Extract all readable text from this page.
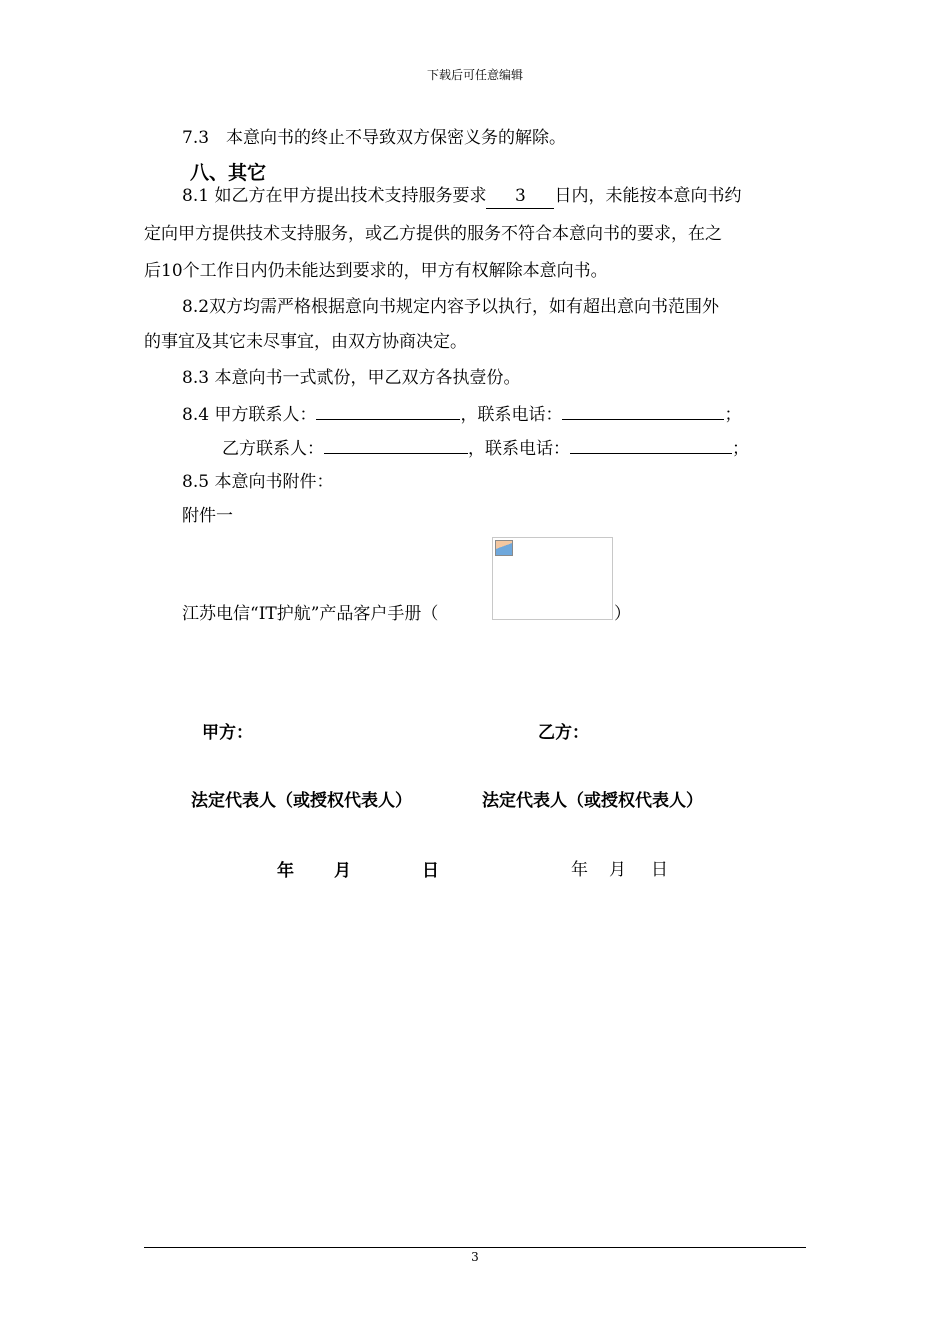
下载后可任意编辑
7.3　本意向书的终止不导致双方保密义务的解除。
八、其它
8.1 如乙方在甲方提出技术支持服务要求 3 日内，未能按本意向书约
定向甲方提供技术支持服务，或乙方提供的服务不符合本意向书的要求，在之
后10个工作日内仍未能达到要求的，甲方有权解除本意向书。
8.2双方均需严格根据意向书规定内容予以执行，如有超出意向书范围外
的事宜及其它未尽事宜，由双方协商决定。
8.3 本意向书一式贰份，甲乙双方各执壹份。
8.4 甲方联系人：	，联系电话：	；
乙方联系人：	，联系电话：	；
8.5 本意向书附件：
附件一
江苏电信“IT护航”产品客户手册（	）
甲方：	乙方：
法定代表人（或授权代表人）	法定代表人（或授权代表人）
年 月	日	年 月 日
3
